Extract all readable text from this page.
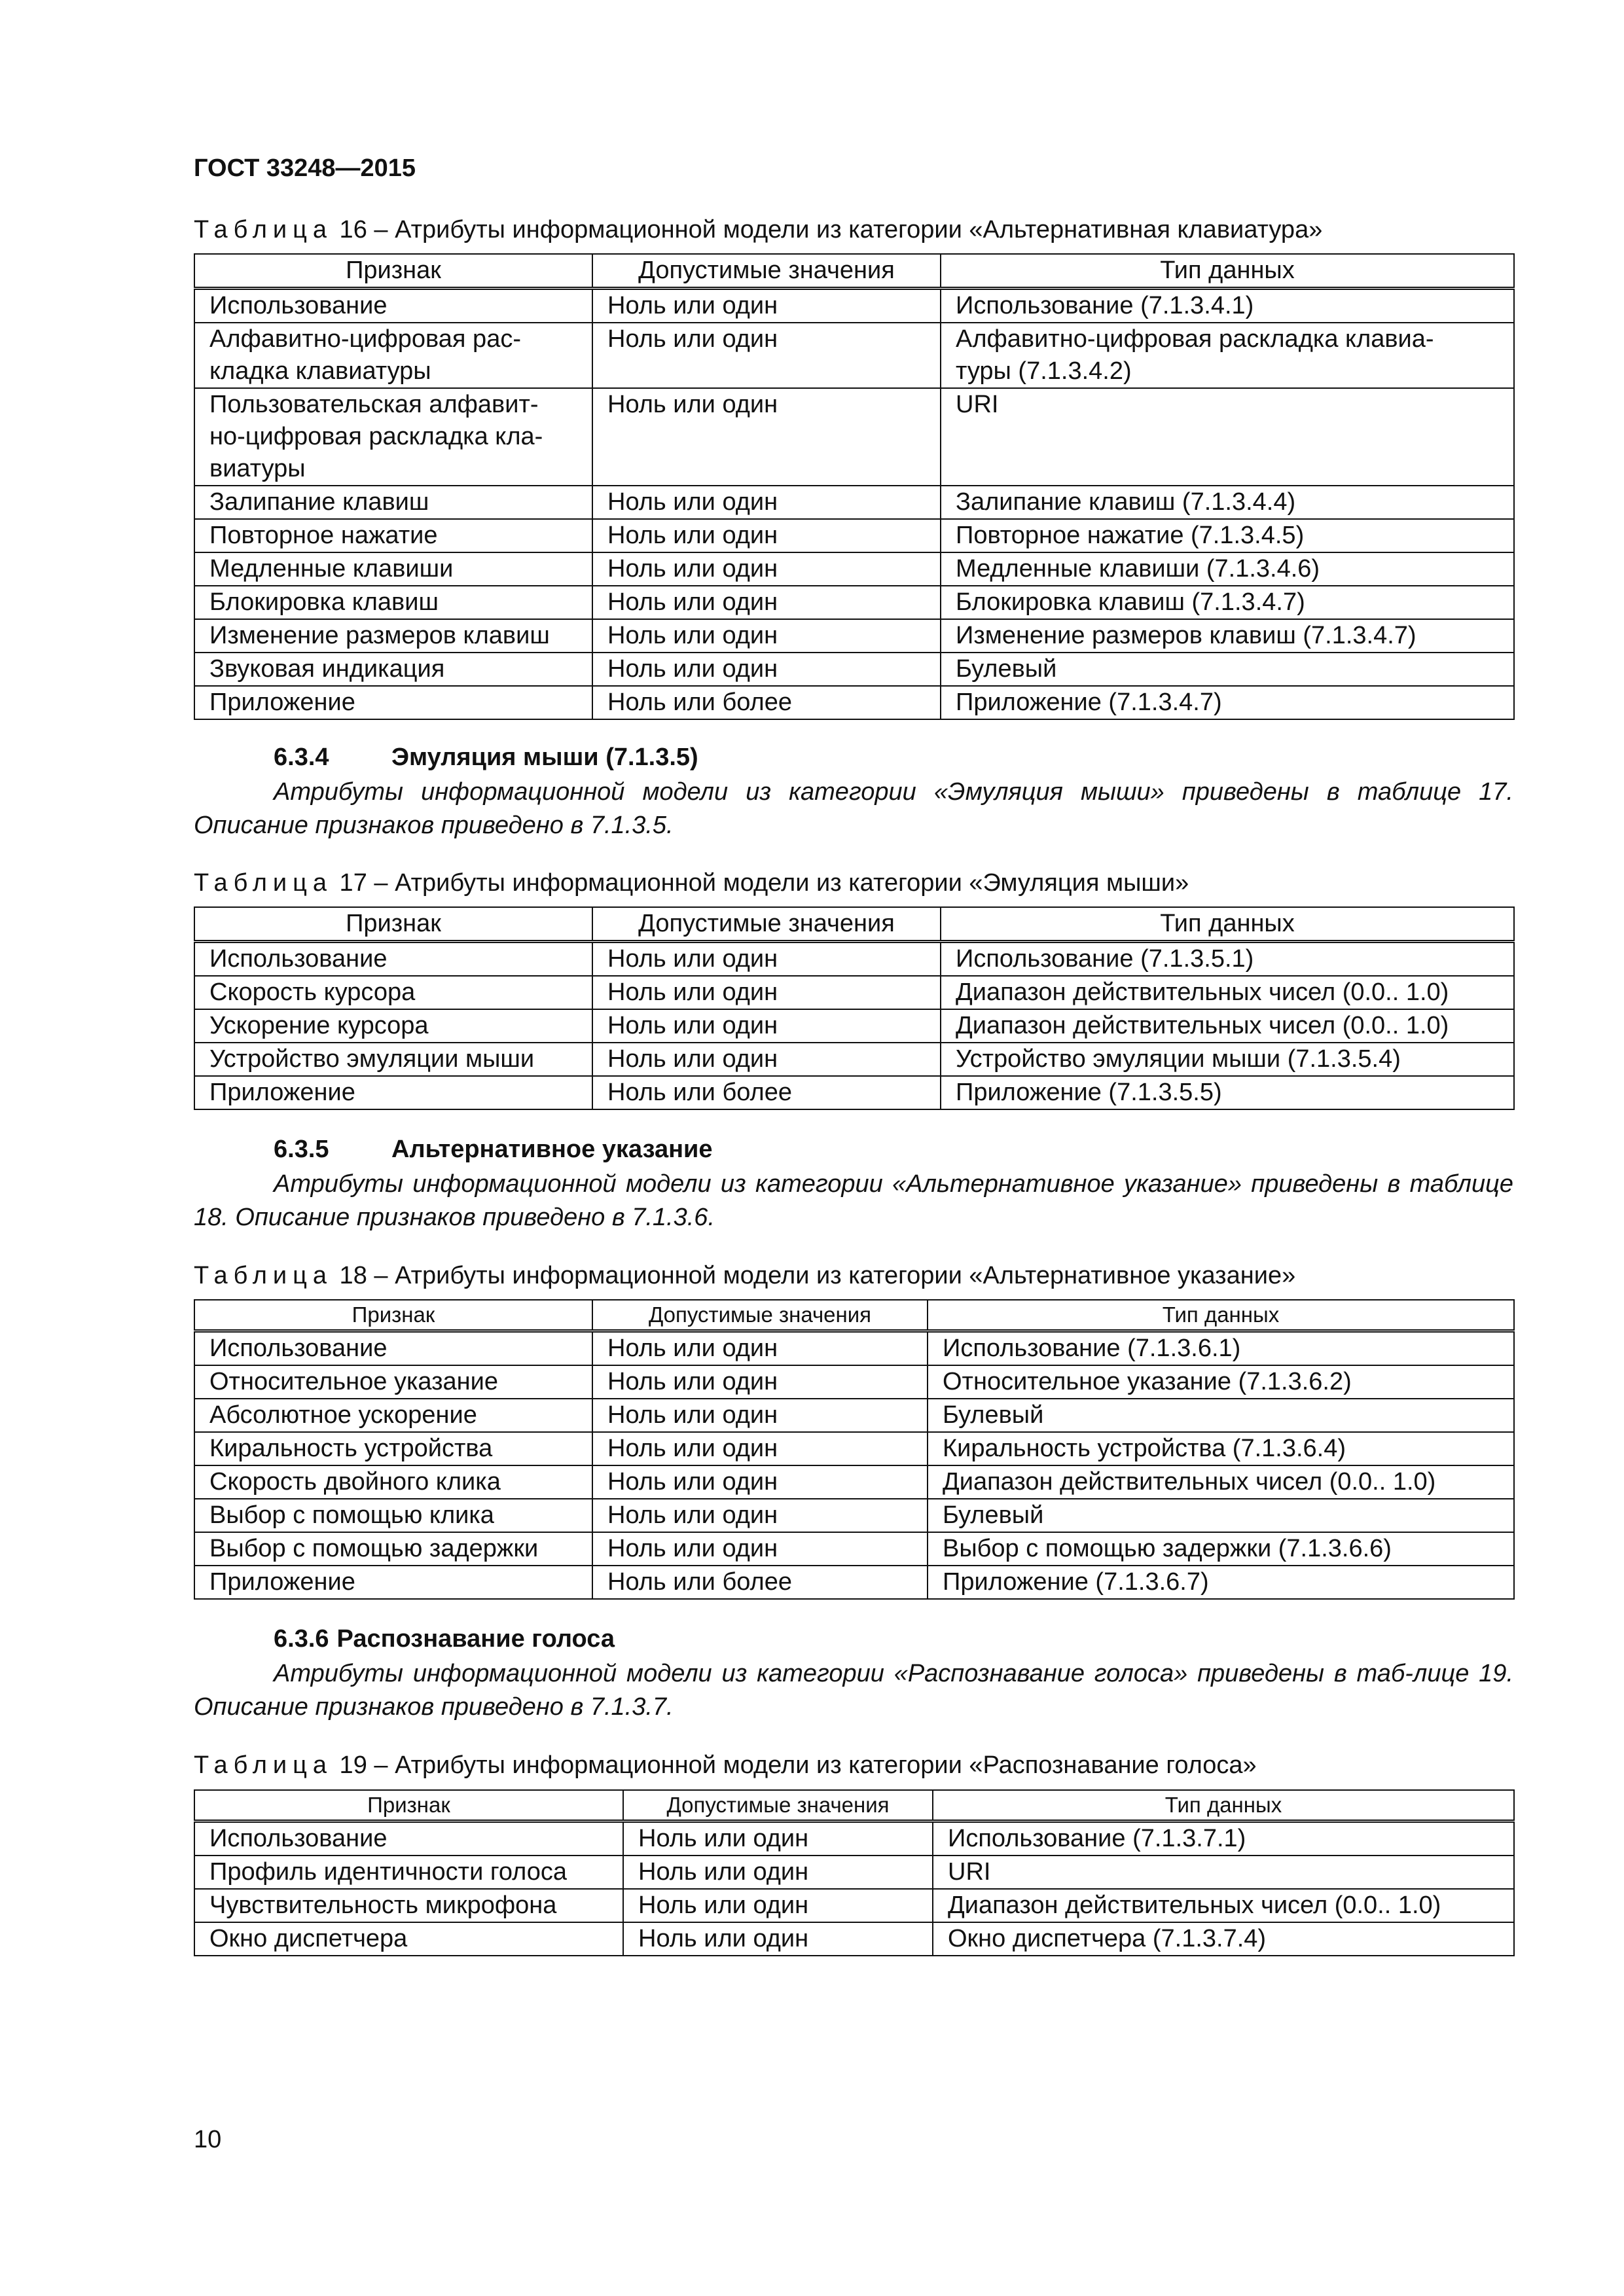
ГОСТ 33248—2015
Таблица 16 – Атрибуты информационной модели из категории «Альтернативная клавиатура»
Признак	Допустимые значения	Тип данных
Использование	Ноль или один	Использование (7.1.3.4.1)
Алфавитно-цифровая рас-
кладка клавиатуры	Ноль или один	Алфавитно-цифровая раскладка клавиа-
туры (7.1.3.4.2)
Пользовательская алфавит-
но-цифровая раскладка кла-
виатуры	Ноль или один	URI
Залипание клавиш	Ноль или один	Залипание клавиш (7.1.3.4.4)
Повторное нажатие	Ноль или один	Повторное нажатие (7.1.3.4.5)
Медленные клавиши	Ноль или один	Медленные клавиши (7.1.3.4.6)
Блокировка клавиш	Ноль или один	Блокировка клавиш (7.1.3.4.7)
Изменение размеров клавиш	Ноль или один	Изменение размеров клавиш (7.1.3.4.7)
Звуковая индикация	Ноль или один	Булевый
Приложение	Ноль или более	Приложение (7.1.3.4.7)
6.3.4	Эмуляция мыши (7.1.3.5)
Атрибуты информационной модели из категории «Эмуляция мыши» приведены в таблице 17. Описание признаков приведено в 7.1.3.5.
Таблица 17 – Атрибуты информационной модели из категории «Эмуляция мыши»
Признак	Допустимые значения	Тип данных
Использование	Ноль или один	Использование (7.1.3.5.1)
Скорость курсора	Ноль или один	Диапазон действительных чисел (0.0.. 1.0)
Ускорение курсора	Ноль или один	Диапазон действительных чисел (0.0.. 1.0)
Устройство эмуляции мыши	Ноль или один	Устройство эмуляции мыши (7.1.3.5.4)
Приложение	Ноль или более	Приложение (7.1.3.5.5)
6.3.5	Альтернативное указание
Атрибуты информационной модели из категории «Альтернативное указание» приведены в таблице 18. Описание признаков приведено в 7.1.3.6.
Таблица 18 – Атрибуты информационной модели из категории «Альтернативное указание»
Признак	Допустимые значения	Тип данных
Использование	Ноль или один	Использование (7.1.3.6.1)
Относительное указание	Ноль или один	Относительное указание (7.1.3.6.2)
Абсолютное ускорение	Ноль или один	Булевый
Киральность устройства	Ноль или один	Киральность устройства (7.1.3.6.4)
Скорость двойного клика	Ноль или один	Диапазон действительных чисел (0.0.. 1.0)
Выбор с помощью клика	Ноль или один	Булевый
Выбор с помощью задержки	Ноль или один	Выбор с помощью задержки (7.1.3.6.6)
Приложение	Ноль или более	Приложение (7.1.3.6.7)
6.3.6 Распознавание голоса
Атрибуты информационной модели из категории «Распознавание голоса» приведены в таб-лице 19. Описание признаков приведено в 7.1.3.7.
Таблица 19 – Атрибуты информационной модели из категории «Распознавание голоса»
Признак	Допустимые значения	Тип данных
Использование	Ноль или один	Использование (7.1.3.7.1)
Профиль идентичности голоса	Ноль или один	URI
Чувствительность микрофона	Ноль или один	Диапазон действительных чисел (0.0.. 1.0)
Окно диспетчера	Ноль или один	Окно диспетчера (7.1.3.7.4)
10
